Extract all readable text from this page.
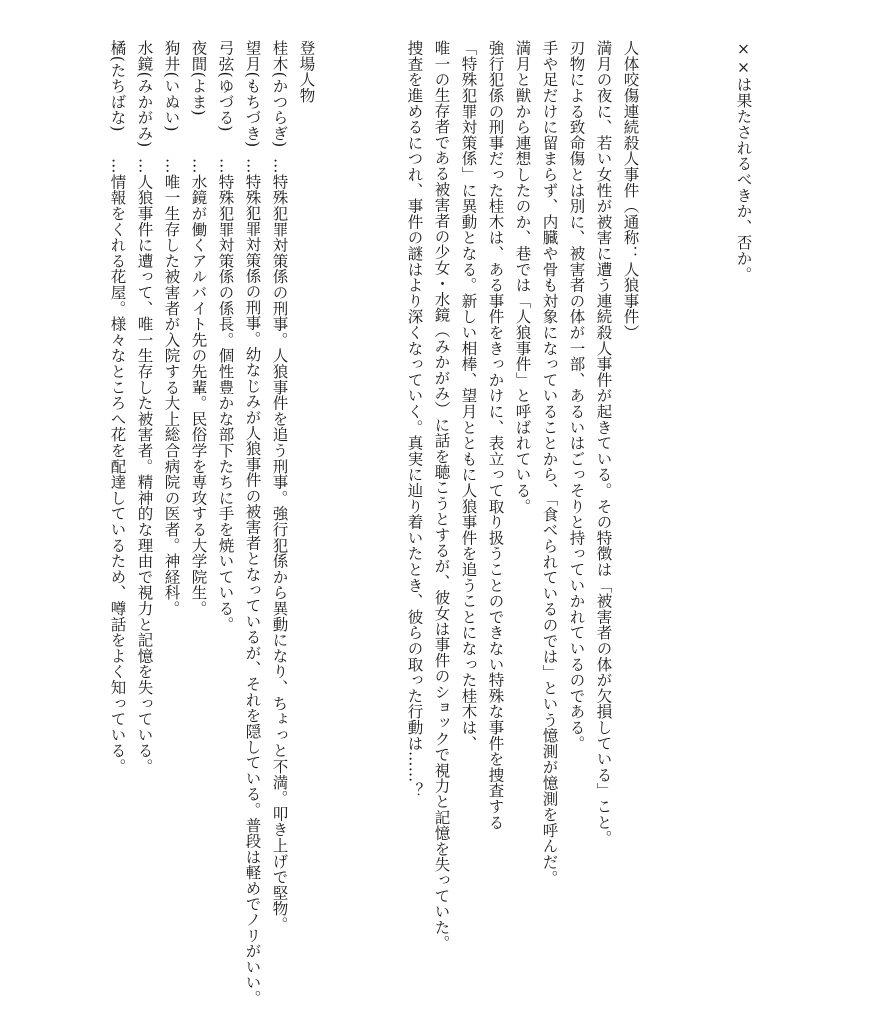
××は果たされるべきか、否か。
人体咬傷連続殺人事件（通称：人狼事件）
満月の夜に、若い女性が被害に遭う連続殺人事件が起きている。その特徴は「被害者の体が欠損している」こと。
刃物による致命傷とは別に、被害者の体が一部、あるいはごっそりと持っていかれているのである。
手や足だけに留まらず、内臓や骨も対象になっていることから、「食べられているのでは」という憶測が憶測を呼んだ。
満月と獣から連想したのか、巷では「人狼事件」と呼ばれている。
強行犯係の刑事だった桂木は、ある事件をきっかけに、表立って取り扱うことのできない特殊な事件を捜査する
「特殊犯罪対策係」に異動となる。新しい相棒、望月とともに人狼事件を追うことになった桂木は、
唯一の生存者である被害者の少女・水鏡（みかがみ）に話を聴こうとするが、彼女は事件のショックで視力と記憶を失っていた。
捜査を進めるにつれ、事件の謎はより深くなっていく。真実に辿り着いたとき、彼らの取った行動は……？
登場人物
桂木(かつらぎ)
…特殊犯罪対策係の刑事。人狼事件を追う刑事。強行犯係から異動になり、ちょっと不満。叩き上げで堅物。
望月(もちづき)
…特殊犯罪対策係の刑事。幼なじみが人狼事件の被害者となっているが、それを隠している。普段は軽めでノリがいい。
弓弦(ゆづる)
…特殊犯罪対策係の係長。個性豊かな部下たちに手を焼いている。
夜間(よま)
…水鏡が働くアルバイト先の先輩。民俗学を専攻する大学院生。
狗井(いぬい)
…唯一生存した被害者が入院する大上総合病院の医者。神経科。
水鏡(みかがみ)
…人狼事件に遭って、唯一生存した被害者。精神的な理由で視力と記憶を失っている。
橘(たちばな)
…情報をくれる花屋。様々なところへ花を配達しているため、噂話をよく知っている。
